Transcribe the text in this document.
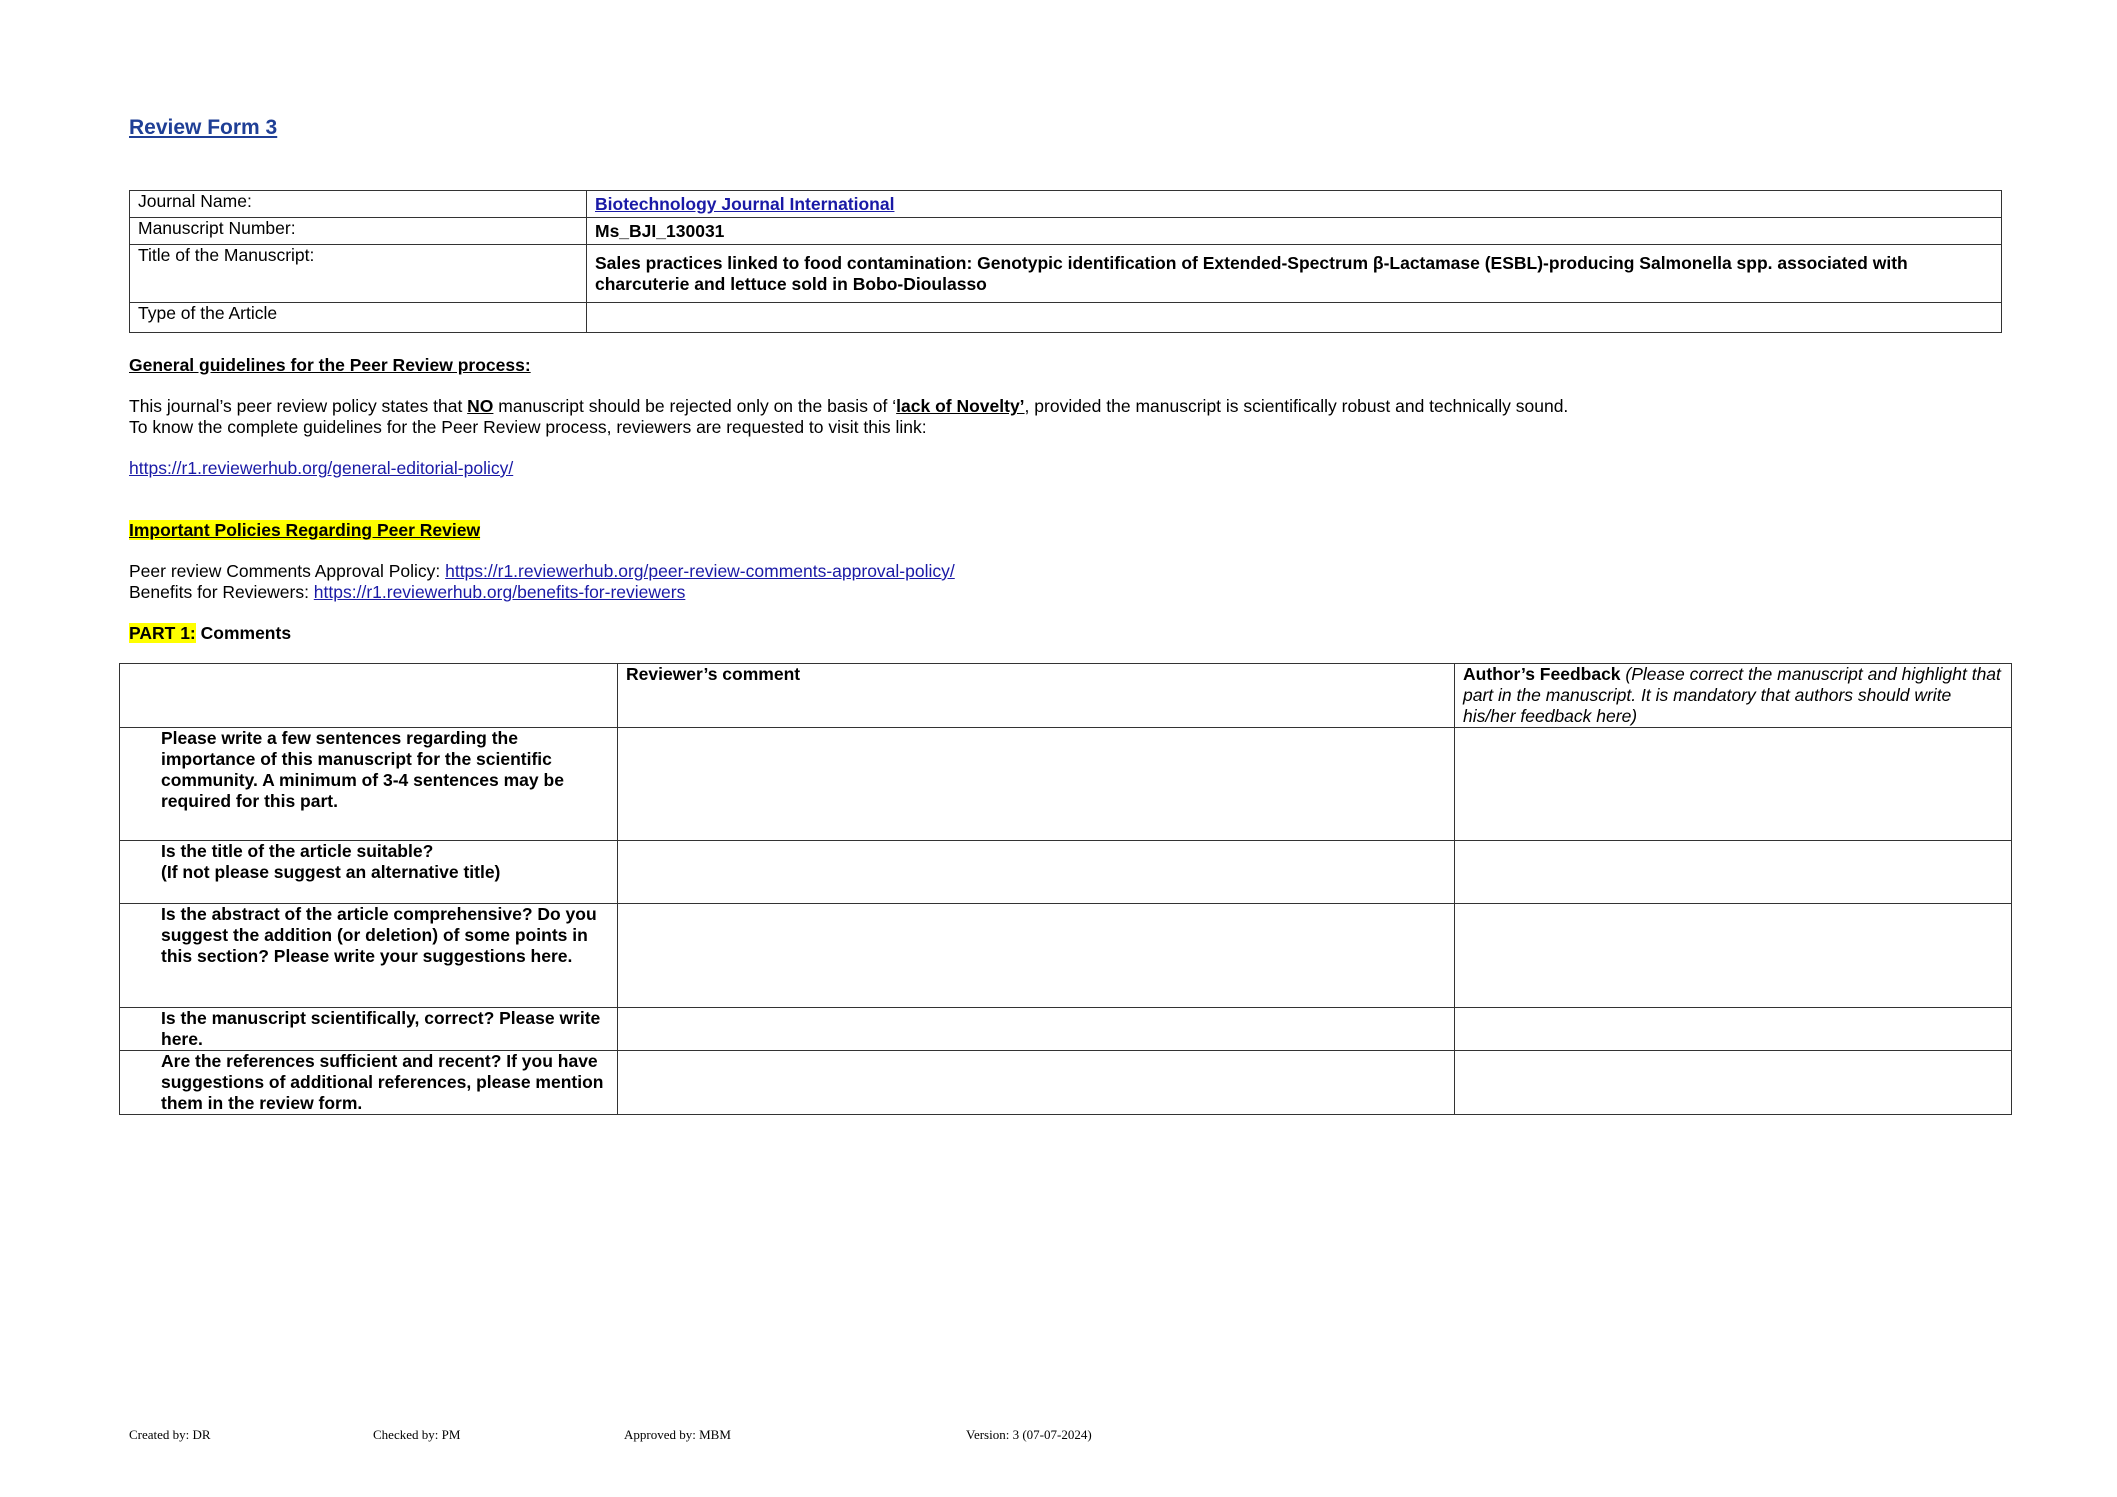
Review Form 3
Journal Name:	Biotechnology Journal International
Manuscript Number:	Ms_BJI_130031
Title of the Manuscript:	Sales practices linked to food contamination: Genotypic identification of Extended-Spectrum β-Lactamase (ESBL)-producing Salmonella spp. associated with charcuterie and lettuce sold in Bobo-Dioulasso
Type of the Article	
General guidelines for the Peer Review process:
This journal’s peer review policy states that NO manuscript should be rejected only on the basis of ‘lack of Novelty’, provided the manuscript is scientifically robust and technically sound.
To know the complete guidelines for the Peer Review process, reviewers are requested to visit this link:
https://r1.reviewerhub.org/general-editorial-policy/
Important Policies Regarding Peer Review
Peer review Comments Approval Policy: https://r1.reviewerhub.org/peer-review-comments-approval-policy/
Benefits for Reviewers: https://r1.reviewerhub.org/benefits-for-reviewers
PART 1: Comments
	Reviewer’s comment	Author’s Feedback (Please correct the manuscript and highlight that part in the manuscript. It is mandatory that authors should write his/her feedback here)
Please write a few sentences regarding the importance of this manuscript for the scientific community. A minimum of 3-4 sentences may be required for this part.		
Is the title of the article suitable?
(If not please suggest an alternative title)		
Is the abstract of the article comprehensive? Do you suggest the addition (or deletion) of some points in this section? Please write your suggestions here.		
Is the manuscript scientifically, correct? Please write here.		
Are the references sufficient and recent? If you have suggestions of additional references, please mention them in the review form.		
Created by: DR	Checked by: PM	Approved by: MBM	Version: 3 (07-07-2024)
